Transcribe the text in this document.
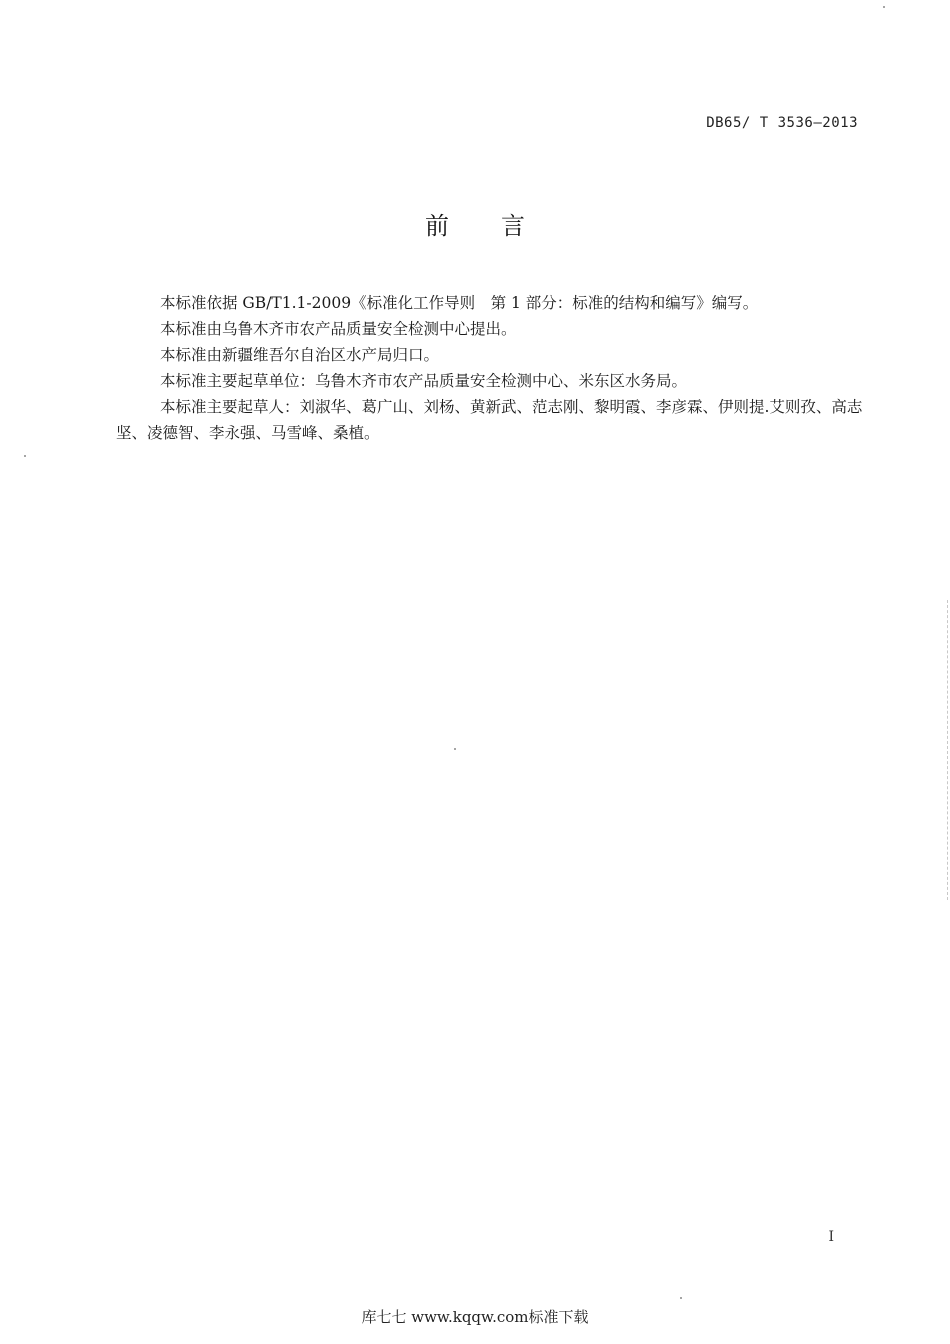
DB65/ T 3536—2013
前言

本标准依据 GB/T1.1-2009《标准化工作导则　第 1 部分：标准的结构和编写》编写。

本标准由乌鲁木齐市农产品质量安全检测中心提出。

本标准由新疆维吾尔自治区水产局归口。

本标准主要起草单位：乌鲁木齐市农产品质量安全检测中心、米东区水务局。

本标准主要起草人：刘淑华、葛广山、刘杨、黄新武、范志刚、黎明霞、李彦霖、伊则提.艾则孜、高志坚、凌德智、李永强、马雪峰、桑植。

I
库七七 www.kqqw.com标准下载
